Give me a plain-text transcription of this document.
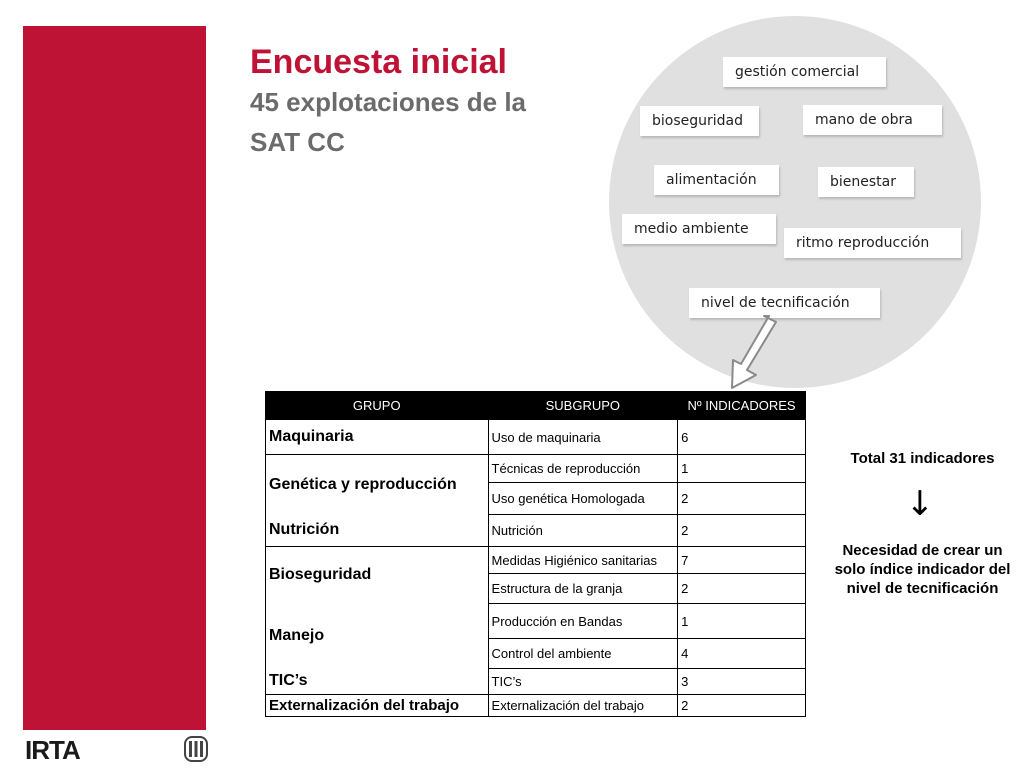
Encuesta inicial
45 explotaciones de la SAT CC
gestión comercial
bioseguridad	mano de obra
alimentación	bienestar
medio ambiente
ritmo reproducción
nivel de tecnificación
GRUPO	SUBGRUPO	Nº INDICADORES
Maquinaria	Uso de maquinaria	6
Genética y reproducción	Técnicas de reproducción	1
	Uso genética Homologada	2
Nutrición	Nutrición	2
Bioseguridad	Medidas Higiénico sanitarias	7
	Estructura de la granja	2
Manejo	Producción en Bandas	1
	Control del ambiente	4
TIC’s	TIC’s	3
Externalización del trabajo	Externalización del trabajo	2
Total 31 indicadores
↓
Necesidad de crear un solo índice indicador del nivel de tecnificación
IRTA
